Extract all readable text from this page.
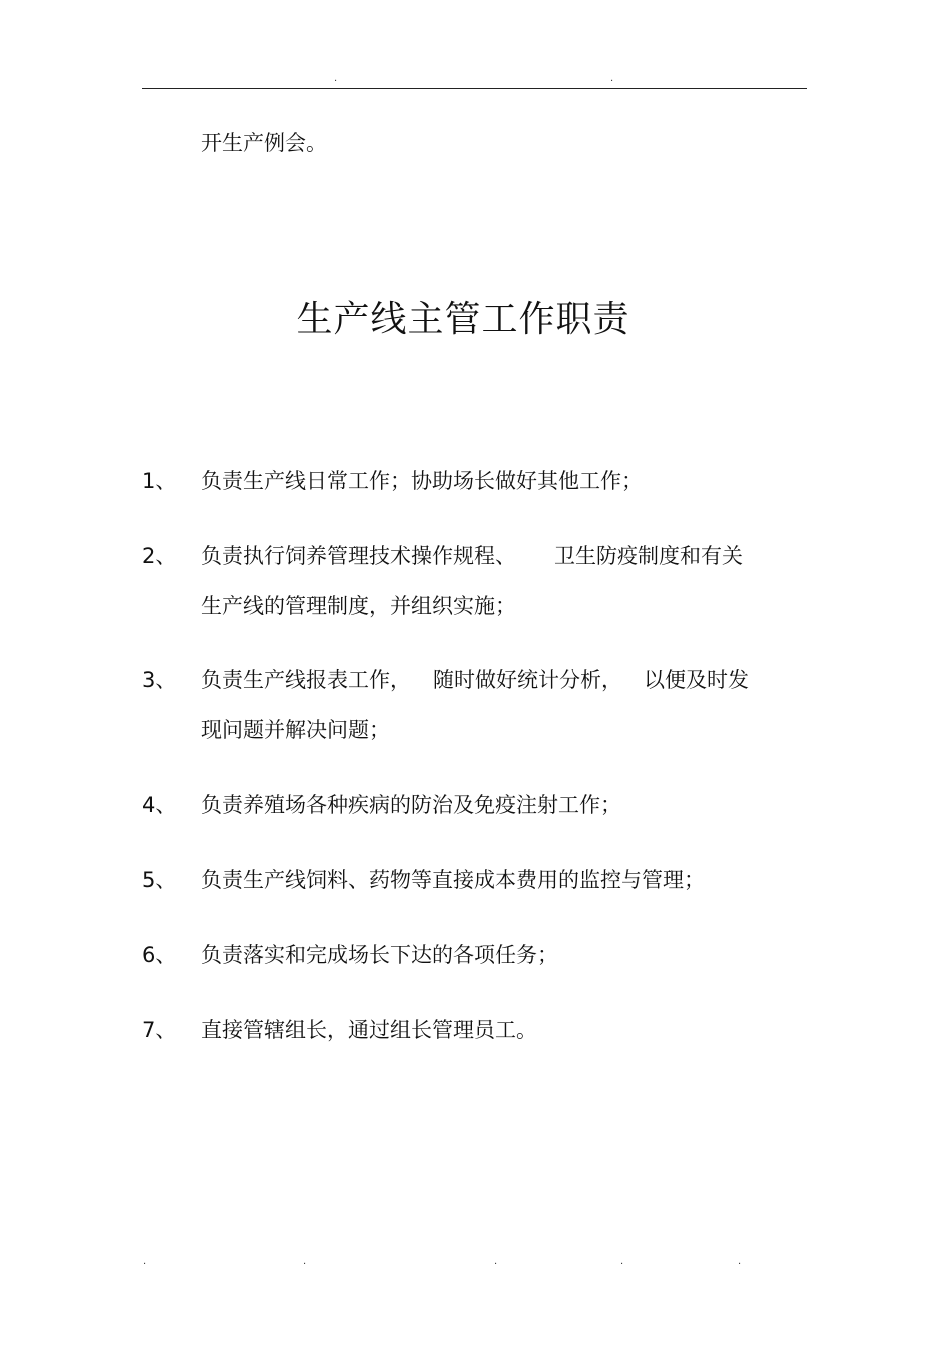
.	.
开生产例会。
生产线主管工作职责
1、 负责生产线日常工作；协助场长做好其他工作；
2、 负责执行饲养管理技术操作规程、 卫生防疫制度和有关
生产线的管理制度，并组织实施；
3、 负责生产线报表工作， 随时做好统计分析， 以便及时发
现问题并解决问题；
4、 负责养殖场各种疾病的防治及免疫注射工作；
5、 负责生产线饲料、药物等直接成本费用的监控与管理；
6、 负责落实和完成场长下达的各项任务；
7、 直接管辖组长，通过组长管理员工。
.	.	.	.	.
